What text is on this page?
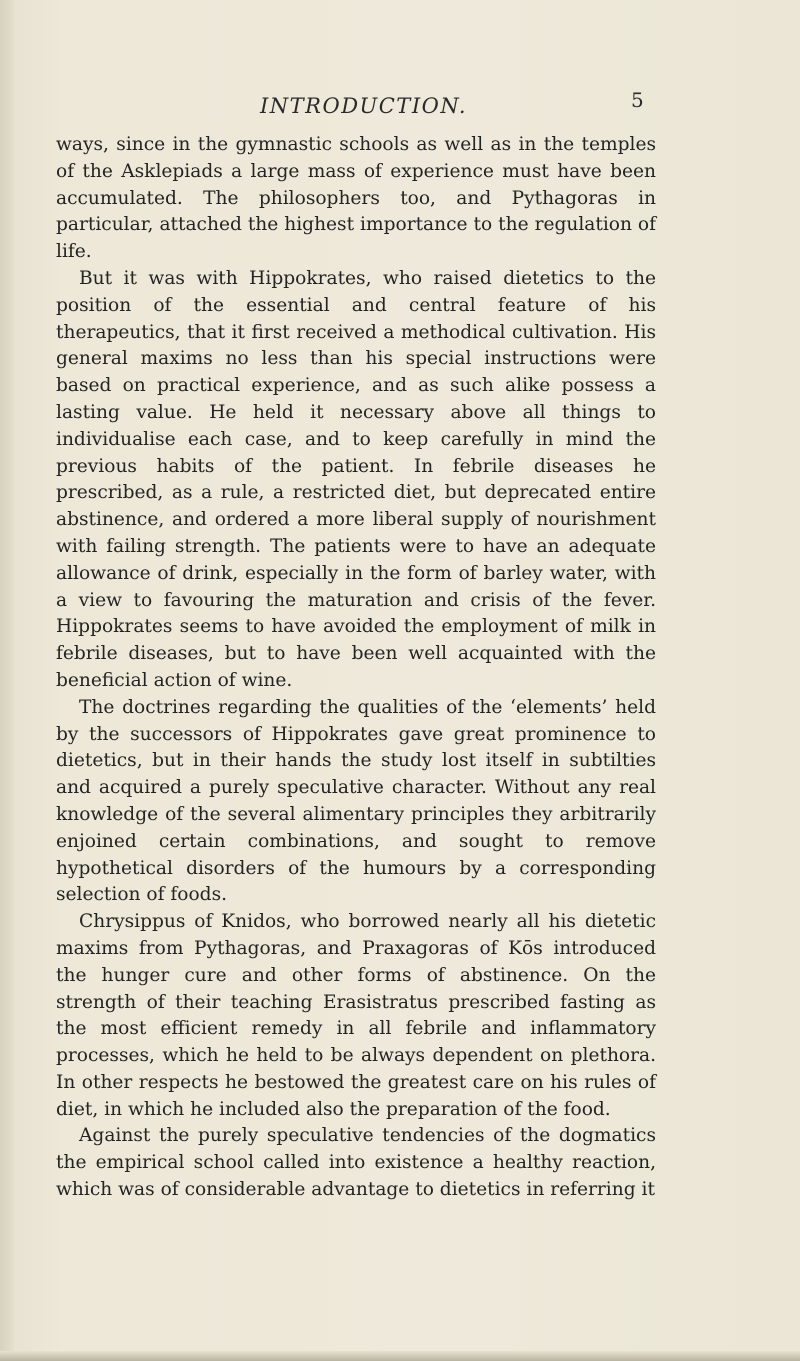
INTRODUCTION.	5

ways, since in the gymnastic schools as well as in the temples of the Asklepiads a large mass of experience must have been accumulated. The philosophers too, and Pythagoras in particular, attached the highest importance to the regulation of life.

But it was with Hippokrates, who raised dietetics to the position of the essential and central feature of his therapeutics, that it first received a methodical cultivation. His general maxims no less than his special instructions were based on practical experience, and as such alike possess a lasting value. He held it necessary above all things to individualise each case, and to keep carefully in mind the previous habits of the patient. In febrile diseases he prescribed, as a rule, a restricted diet, but deprecated entire abstinence, and ordered a more liberal supply of nourishment with failing strength. The patients were to have an adequate allowance of drink, especially in the form of barley water, with a view to favouring the maturation and crisis of the fever. Hippokrates seems to have avoided the employment of milk in febrile diseases, but to have been well acquainted with the beneficial action of wine.

The doctrines regarding the qualities of the ‘elements’ held by the successors of Hippokrates gave great prominence to dietetics, but in their hands the study lost itself in subtilties and acquired a purely speculative character. Without any real knowledge of the several alimentary principles they arbitrarily enjoined certain combinations, and sought to remove hypothetical disorders of the humours by a corresponding selection of foods.

Chrysippus of Knidos, who borrowed nearly all his dietetic maxims from Pythagoras, and Praxagoras of Kōs introduced the hunger cure and other forms of abstinence. On the strength of their teaching Erasistratus prescribed fasting as the most efficient remedy in all febrile and inflammatory processes, which he held to be always dependent on plethora. In other respects he bestowed the greatest care on his rules of diet, in which he included also the preparation of the food.

Against the purely speculative tendencies of the dogmatics the empirical school called into existence a healthy reaction, which was of considerable advantage to dietetics in referring it
